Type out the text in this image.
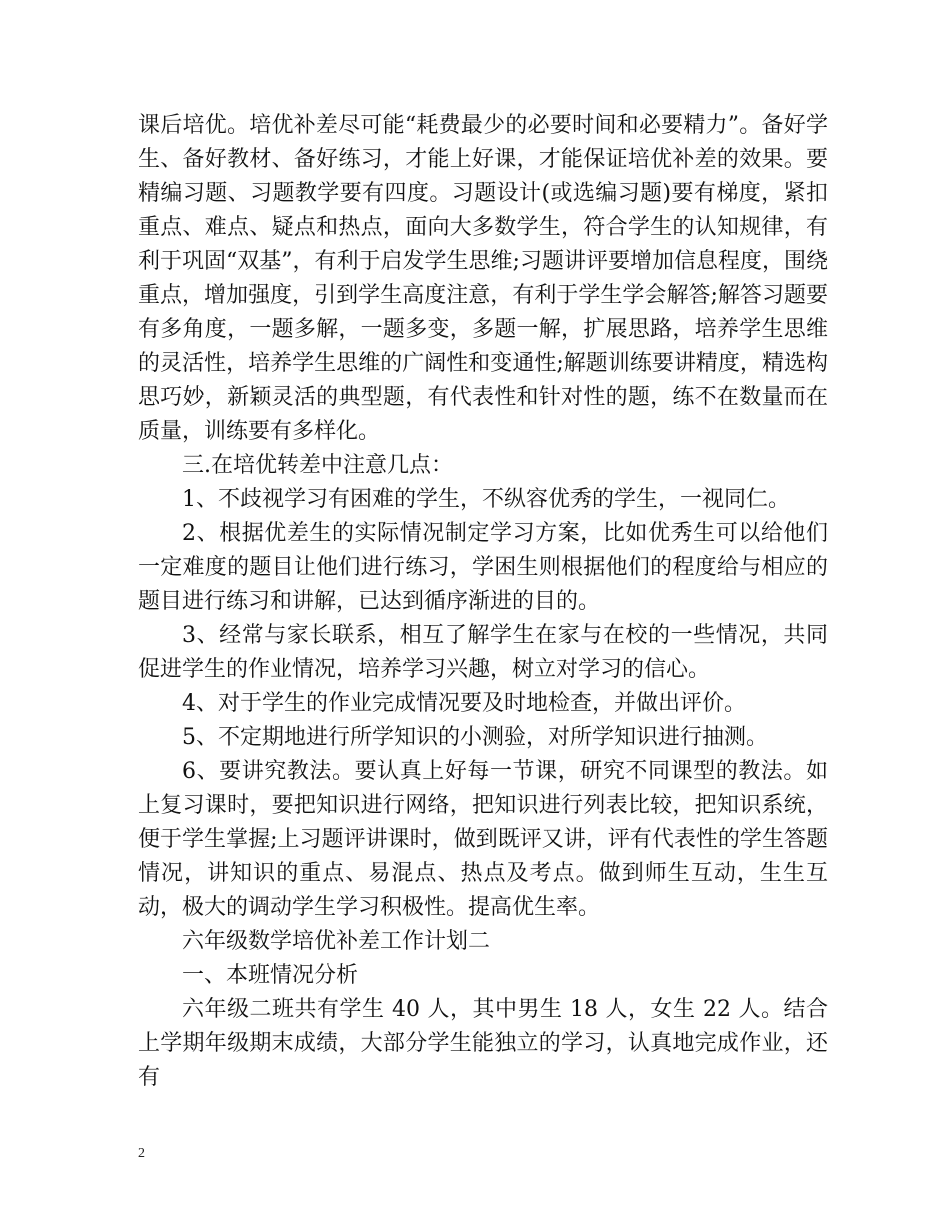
课后培优。培优补差尽可能“耗费最少的必要时间和必要精力”。备好学生、备好教材、备好练习，才能上好课，才能保证培优补差的效果。要精编习题、习题教学要有四度。习题设计(或选编习题)要有梯度，紧扣重点、难点、疑点和热点，面向大多数学生，符合学生的认知规律，有利于巩固“双基”，有利于启发学生思维;习题讲评要增加信息程度，围绕重点，增加强度，引到学生高度注意，有利于学生学会解答;解答习题要有多角度，一题多解，一题多变，多题一解，扩展思路，培养学生思维的灵活性，培养学生思维的广阔性和变通性;解题训练要讲精度，精选构思巧妙，新颖灵活的典型题，有代表性和针对性的题，练不在数量而在质量，训练要有多样化。

三.在培优转差中注意几点：

1、不歧视学习有困难的学生，不纵容优秀的学生，一视同仁。

2、根据优差生的实际情况制定学习方案，比如优秀生可以给他们一定难度的题目让他们进行练习，学困生则根据他们的程度给与相应的题目进行练习和讲解，已达到循序渐进的目的。

3、经常与家长联系，相互了解学生在家与在校的一些情况，共同促进学生的作业情况，培养学习兴趣，树立对学习的信心。

4、对于学生的作业完成情况要及时地检查，并做出评价。

5、不定期地进行所学知识的小测验，对所学知识进行抽测。

6、要讲究教法。要认真上好每一节课，研究不同课型的教法。如上复习课时，要把知识进行网络，把知识进行列表比较，把知识系统，便于学生掌握;上习题评讲课时，做到既评又讲，评有代表性的学生答题情况，讲知识的重点、易混点、热点及考点。做到师生互动，生生互动，极大的调动学生学习积极性。提高优生率。

六年级数学培优补差工作计划二

一、本班情况分析

六年级二班共有学生 40 人，其中男生 18 人，女生 22 人。结合上学期年级期末成绩，大部分学生能独立的学习，认真地完成作业，还有

2
